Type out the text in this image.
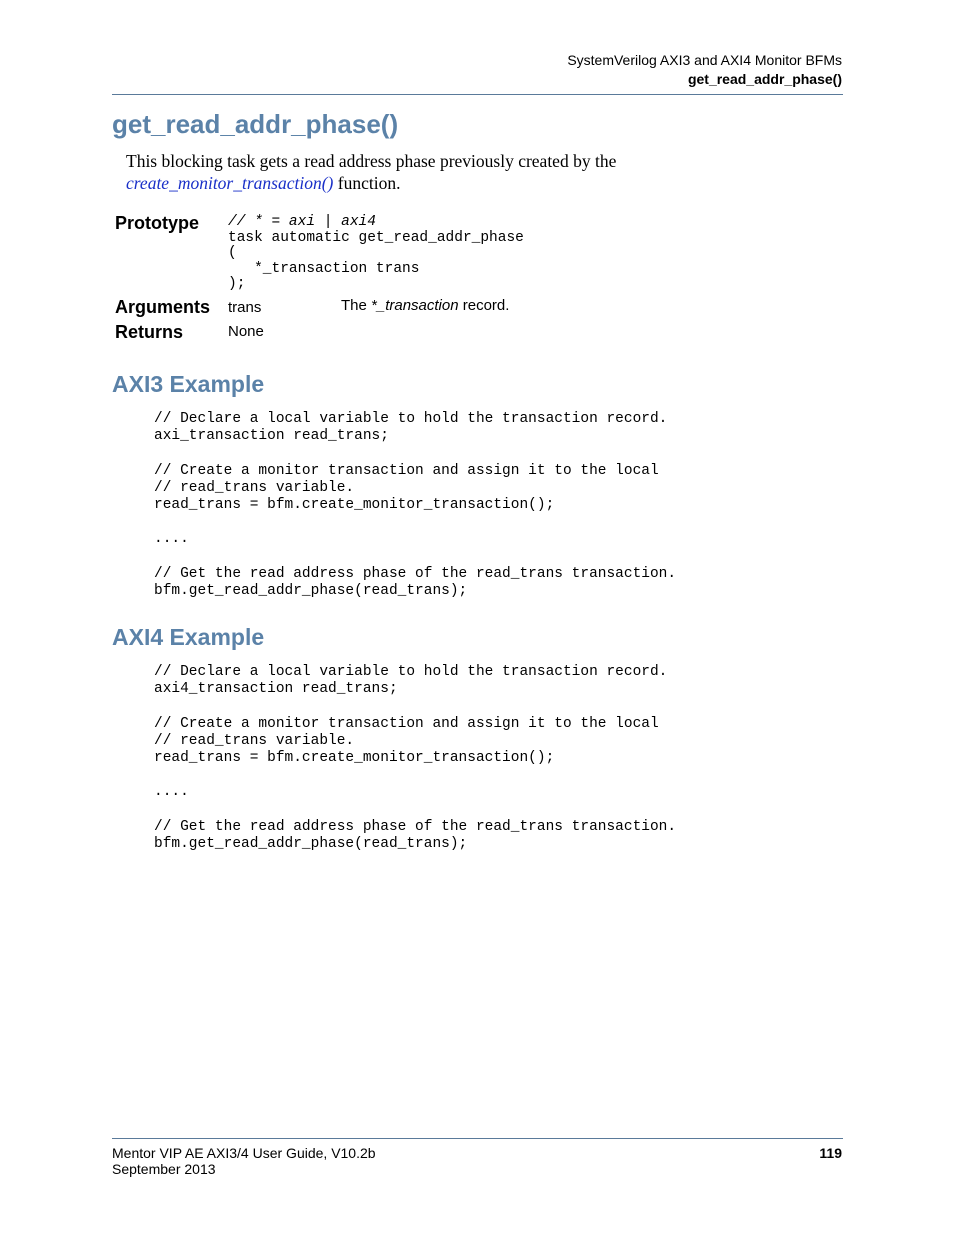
SystemVerilog AXI3 and AXI4 Monitor BFMs
get_read_addr_phase()
get_read_addr_phase()
This blocking task gets a read address phase previously created by the
create_monitor_transaction() function.
Prototype // * = axi | axi4
task automatic get_read_addr_phase
(
*_transaction trans
);
Arguments trans	The *_transaction record.
Returns	None
AXI3 Example
// Declare a local variable to hold the transaction record.
axi_transaction read_trans;

// Create a monitor transaction and assign it to the local
// read_trans variable.
read_trans = bfm.create_monitor_transaction();

....

// Get the read address phase of the read_trans transaction.
bfm.get_read_addr_phase(read_trans);
AXI4 Example
// Declare a local variable to hold the transaction record.
axi4_transaction read_trans;

// Create a monitor transaction and assign it to the local
// read_trans variable.
read_trans = bfm.create_monitor_transaction();

....

// Get the read address phase of the read_trans transaction.
bfm.get_read_addr_phase(read_trans);
Mentor VIP AE AXI3/4 User Guide, V10.2b
September 2013
119
